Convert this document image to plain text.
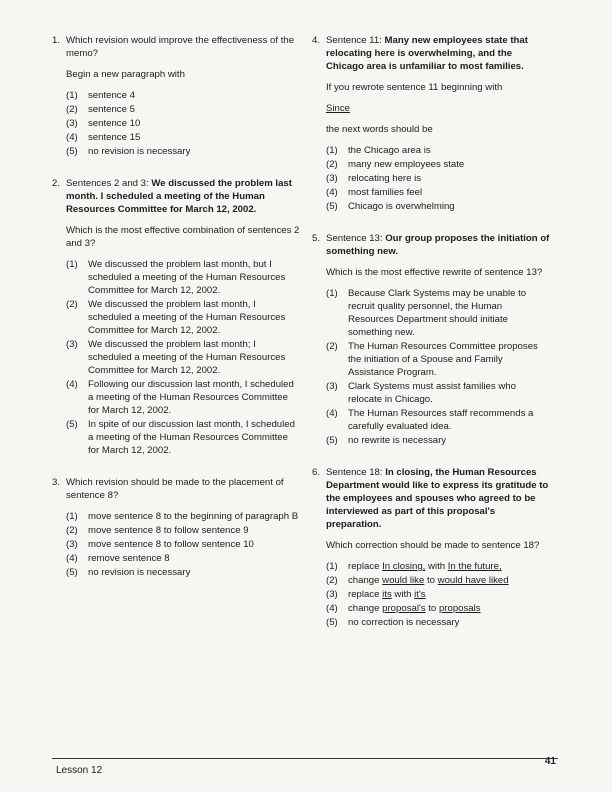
1. Which revision would improve the effectiveness of the memo?
Begin a new paragraph with
(1)	sentence 4
(2)	sentence 5
(3)	sentence 10
(4)	sentence 15
(5)	no revision is necessary
2. Sentences 2 and 3: We discussed the problem last month. I scheduled a meeting of the Human Resources Committee for March 12, 2002.
Which is the most effective combination of sentences 2 and 3?
(1)	We discussed the problem last month, but I scheduled a meeting of the Human Resources Committee for March 12, 2002.
(2)	We discussed the problem last month, I scheduled a meeting of the Human Resources Committee for March 12, 2002.
(3)	We discussed the problem last month; I scheduled a meeting of the Human Resources Committee for March 12, 2002.
(4)	Following our discussion last month, I scheduled a meeting of the Human Resources Committee for March 12, 2002.
(5)	In spite of our discussion last month, I scheduled a meeting of the Human Resources Committee for March 12, 2002.
3. Which revision should be made to the placement of sentence 8?
(1)	move sentence 8 to the beginning of paragraph B
(2)	move sentence 8 to follow sentence 9
(3)	move sentence 8 to follow sentence 10
(4)	remove sentence 8
(5)	no revision is necessary
4. Sentence 11: Many new employees state that relocating here is overwhelming, and the Chicago area is unfamiliar to most families.

If you rewrote sentence 11 beginning with

Since

the next words should be

(1)	the Chicago area is
(2)	many new employees state
(3)	relocating here is
(4)	most families feel
(5)	Chicago is overwhelming
5. Sentence 13: Our group proposes the initiation of something new.
Which is the most effective rewrite of sentence 13?
(1)	Because Clark Systems may be unable to recruit quality personnel, the Human Resources Department should initiate something new.
(2)	The Human Resources Committee proposes the initiation of a Spouse and Family Assistance Program.
(3)	Clark Systems must assist families who relocate in Chicago.
(4)	The Human Resources staff recommends a carefully evaluated idea.
(5)	no rewrite is necessary
6. Sentence 18: In closing, the Human Resources Department would like to express its gratitude to the employees and spouses who agreed to be interviewed as part of this proposal's preparation.
Which correction should be made to sentence 18?
(1)	replace In closing, with In the future,
(2)	change would like to would have liked
(3)	replace its with it's
(4)	change proposal's to proposals
(5)	no correction is necessary
Lesson 12
41
